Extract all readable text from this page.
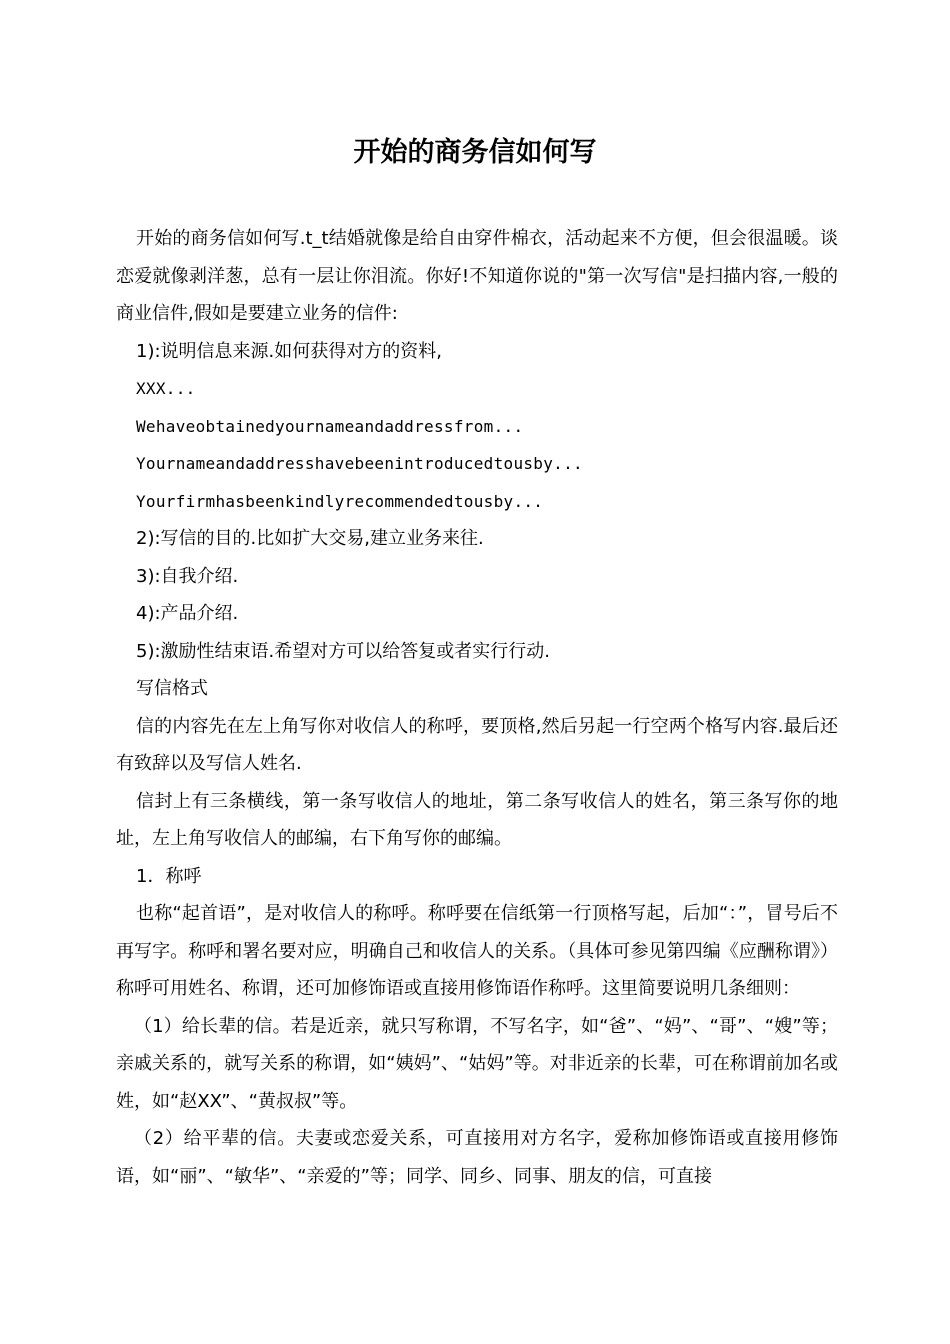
开始的商务信如何写

开始的商务信如何写.t_t结婚就像是给自由穿件棉衣，活动起来不方便，但会很温暖。谈恋爱就像剥洋葱，总有一层让你泪流。你好!不知道你说的"第一次写信"是扫描内容,一般的商业信件,假如是要建立业务的信件:

1):说明信息来源.如何获得对方的资料,

XXX...

Wehaveobtainedyournameandaddressfrom...

Yournameandaddresshavebeenintroducedtousby...

Yourfirmhasbeenkindlyrecommendedtousby...

2):写信的目的.比如扩大交易,建立业务来往.

3):自我介绍.

4):产品介绍.

5):激励性结束语.希望对方可以给答复或者实行行动.

写信格式

信的内容先在左上角写你对收信人的称呼，要顶格,然后另起一行空两个格写内容.最后还有致辞以及写信人姓名.

信封上有三条横线，第一条写收信人的地址，第二条写收信人的姓名，第三条写你的地址，左上角写收信人的邮编，右下角写你的邮编。

1．称呼

也称“起首语”，是对收信人的称呼。称呼要在信纸第一行顶格写起，后加“：”，冒号后不再写字。称呼和署名要对应，明确自己和收信人的关系。（具体可参见第四编《应酬称谓》）称呼可用姓名、称谓，还可加修饰语或直接用修饰语作称呼。这里简要说明几条细则：

（1）给长辈的信。若是近亲，就只写称谓，不写名字，如“爸”、“妈”、“哥”、“嫂”等；亲戚关系的，就写关系的称谓，如“姨妈”、“姑妈”等。对非近亲的长辈，可在称谓前加名或姓，如“赵XX”、“黄叔叔”等。

（2）给平辈的信。夫妻或恋爱关系，可直接用对方名字，爱称加修饰语或直接用修饰语，如“丽”、“敏华”、“亲爱的”等；同学、同乡、同事、朋友的信，可直接
